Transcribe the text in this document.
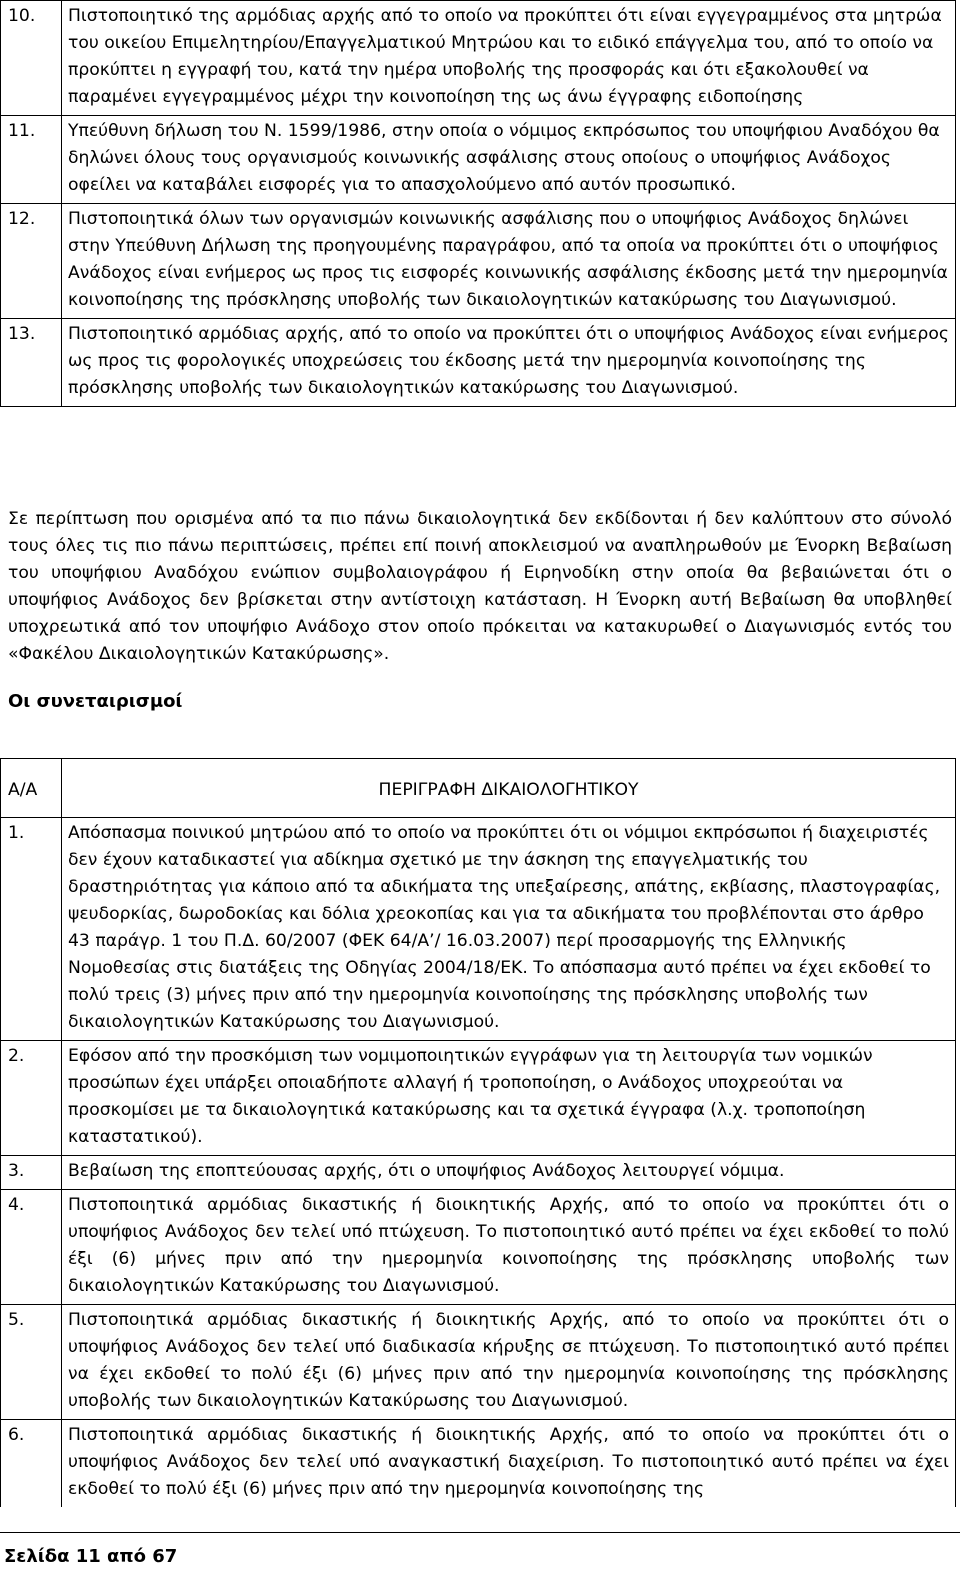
10.	Πιστοποιητικό της αρμόδιας αρχής από το οποίο να προκύπτει ότι είναι εγγεγραμμένος στα μητρώα του οικείου Επιμελητηρίου/Επαγγελματικού Μητρώου και το ειδικό επάγγελμα του, από το οποίο να προκύπτει η εγγραφή του, κατά την ημέρα υποβολής της προσφοράς και ότι εξακολουθεί να παραμένει εγγεγραμμένος μέχρι την κοινοποίηση της ως άνω έγγραφης ειδοποίησης
11.	Υπεύθυνη δήλωση του Ν. 1599/1986, στην οποία ο νόμιμος εκπρόσωπος του υποψήφιου Αναδόχου θα δηλώνει όλους τους οργανισμούς κοινωνικής ασφάλισης στους οποίους ο υποψήφιος Ανάδοχος οφείλει να καταβάλει εισφορές για το απασχολούμενο από αυτόν προσωπικό.
12.	Πιστοποιητικά όλων των οργανισμών κοινωνικής ασφάλισης που ο υποψήφιος Ανάδοχος δηλώνει στην Υπεύθυνη Δήλωση της προηγουμένης παραγράφου, από τα οποία να προκύπτει ότι ο υποψήφιος Ανάδοχος είναι ενήμερος ως προς τις εισφορές κοινωνικής ασφάλισης έκδοσης μετά την ημερομηνία κοινοποίησης της πρόσκλησης υποβολής των δικαιολογητικών κατακύρωσης του Διαγωνισμού.
13.	Πιστοποιητικό αρμόδιας αρχής, από το οποίο να προκύπτει ότι ο υποψήφιος Ανάδοχος είναι ενήμερος ως προς τις φορολογικές υποχρεώσεις του έκδοσης μετά την ημερομηνία κοινοποίησης της πρόσκλησης υποβολής των δικαιολογητικών κατακύρωσης του Διαγωνισμού.

Σε περίπτωση που ορισμένα από τα πιο πάνω δικαιολογητικά δεν εκδίδονται ή δεν καλύπτουν στο σύνολό τους όλες τις πιο πάνω περιπτώσεις, πρέπει επί ποινή αποκλεισμού να αναπληρωθούν με Ένορκη Βεβαίωση του υποψήφιου Αναδόχου ενώπιον συμβολαιογράφου ή Ειρηνοδίκη στην οποία θα βεβαιώνεται ότι ο υποψήφιος Ανάδοχος δεν βρίσκεται στην αντίστοιχη κατάσταση. Η Ένορκη αυτή Βεβαίωση θα υποβληθεί υποχρεωτικά από τον υποψήφιο Ανάδοχο στον οποίο πρόκειται να κατακυρωθεί ο Διαγωνισμός εντός του «Φακέλου Δικαιολογητικών Κατακύρωσης».

Οι συνεταιρισμοί
Α/Α	ΠΕΡΙΓΡΑΦΗ ΔΙΚΑΙΟΛΟΓΗΤΙΚΟΥ
1.	Απόσπασμα ποινικού μητρώου από το οποίο να προκύπτει ότι οι νόμιμοι εκπρόσωποι ή διαχειριστές δεν έχουν καταδικαστεί για αδίκημα σχετικό με την άσκηση της επαγγελματικής του δραστηριότητας για κάποιο από τα αδικήματα της υπεξαίρεσης, απάτης, εκβίασης, πλαστογραφίας, ψευδορκίας, δωροδοκίας και δόλια χρεοκοπίας και για τα αδικήματα του προβλέπονται στο άρθρο 43 παράγρ. 1 του Π.Δ. 60/2007 (ΦΕΚ 64/Α’/ 16.03.2007) περί προσαρμογής της Ελληνικής Νομοθεσίας στις διατάξεις της Οδηγίας 2004/18/ΕΚ. Το απόσπασμα αυτό πρέπει να έχει εκδοθεί το πολύ τρεις (3) μήνες πριν από την ημερομηνία κοινοποίησης της πρόσκλησης υποβολής των δικαιολογητικών Κατακύρωσης του Διαγωνισμού.
2.	Εφόσον από την προσκόμιση των νομιμοποιητικών εγγράφων για τη λειτουργία των νομικών προσώπων έχει υπάρξει οποιαδήποτε αλλαγή ή τροποποίηση, ο Ανάδοχος υποχρεούται να προσκομίσει με τα δικαιολογητικά κατακύρωσης και τα σχετικά έγγραφα (λ.χ. τροποποίηση καταστατικού).
3.	Βεβαίωση της εποπτεύουσας αρχής, ότι ο υποψήφιος Ανάδοχος λειτουργεί νόμιμα.
4.	Πιστοποιητικά αρμόδιας δικαστικής ή διοικητικής Αρχής, από το οποίο να προκύπτει ότι ο υποψήφιος Ανάδοχος δεν τελεί υπό πτώχευση. Το πιστοποιητικό αυτό πρέπει να έχει εκδοθεί το πολύ έξι (6) μήνες πριν από την ημερομηνία κοινοποίησης της πρόσκλησης υποβολής των δικαιολογητικών Κατακύρωσης του Διαγωνισμού.
5.	Πιστοποιητικά αρμόδιας δικαστικής ή διοικητικής Αρχής, από το οποίο να προκύπτει ότι ο υποψήφιος Ανάδοχος δεν τελεί υπό διαδικασία κήρυξης σε πτώχευση. Το πιστοποιητικό αυτό πρέπει να έχει εκδοθεί το πολύ έξι (6) μήνες πριν από την ημερομηνία κοινοποίησης της πρόσκλησης υποβολής των δικαιολογητικών Κατακύρωσης του Διαγωνισμού.
6.	Πιστοποιητικά αρμόδιας δικαστικής ή διοικητικής Αρχής, από το οποίο να προκύπτει ότι ο υποψήφιος Ανάδοχος δεν τελεί υπό αναγκαστική διαχείριση. Το πιστοποιητικό αυτό πρέπει να έχει εκδοθεί το πολύ έξι (6) μήνες πριν από την ημερομηνία κοινοποίησης της

Σελίδα 11 από 67
